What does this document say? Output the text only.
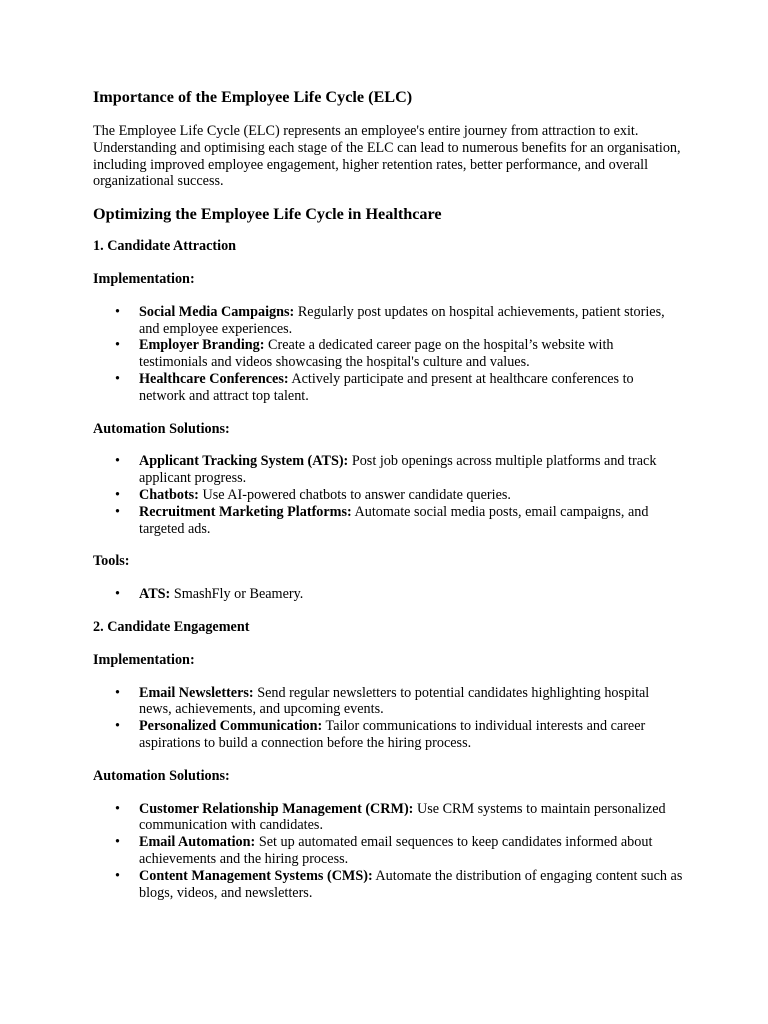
Importance of the Employee Life Cycle (ELC)

The Employee Life Cycle (ELC) represents an employee's entire journey from attraction to exit. Understanding and optimising each stage of the ELC can lead to numerous benefits for an organisation, including improved employee engagement, higher retention rates, better performance, and overall organizational success.

Optimizing the Employee Life Cycle in Healthcare
1. Candidate Attraction
Implementation:
• Social Media Campaigns: Regularly post updates on hospital achievements, patient stories, and employee experiences.
• Employer Branding: Create a dedicated career page on the hospital’s website with testimonials and videos showcasing the hospital's culture and values.
• Healthcare Conferences: Actively participate and present at healthcare conferences to network and attract top talent.
Automation Solutions:
• Applicant Tracking System (ATS): Post job openings across multiple platforms and track applicant progress.
• Chatbots: Use AI-powered chatbots to answer candidate queries.
• Recruitment Marketing Platforms: Automate social media posts, email campaigns, and targeted ads.
Tools:
• ATS: SmashFly or Beamery.
2. Candidate Engagement
Implementation:
• Email Newsletters: Send regular newsletters to potential candidates highlighting hospital news, achievements, and upcoming events.
• Personalized Communication: Tailor communications to individual interests and career aspirations to build a connection before the hiring process.
Automation Solutions:
• Customer Relationship Management (CRM): Use CRM systems to maintain personalized communication with candidates.
• Email Automation: Set up automated email sequences to keep candidates informed about achievements and the hiring process.
• Content Management Systems (CMS): Automate the distribution of engaging content such as blogs, videos, and newsletters.
